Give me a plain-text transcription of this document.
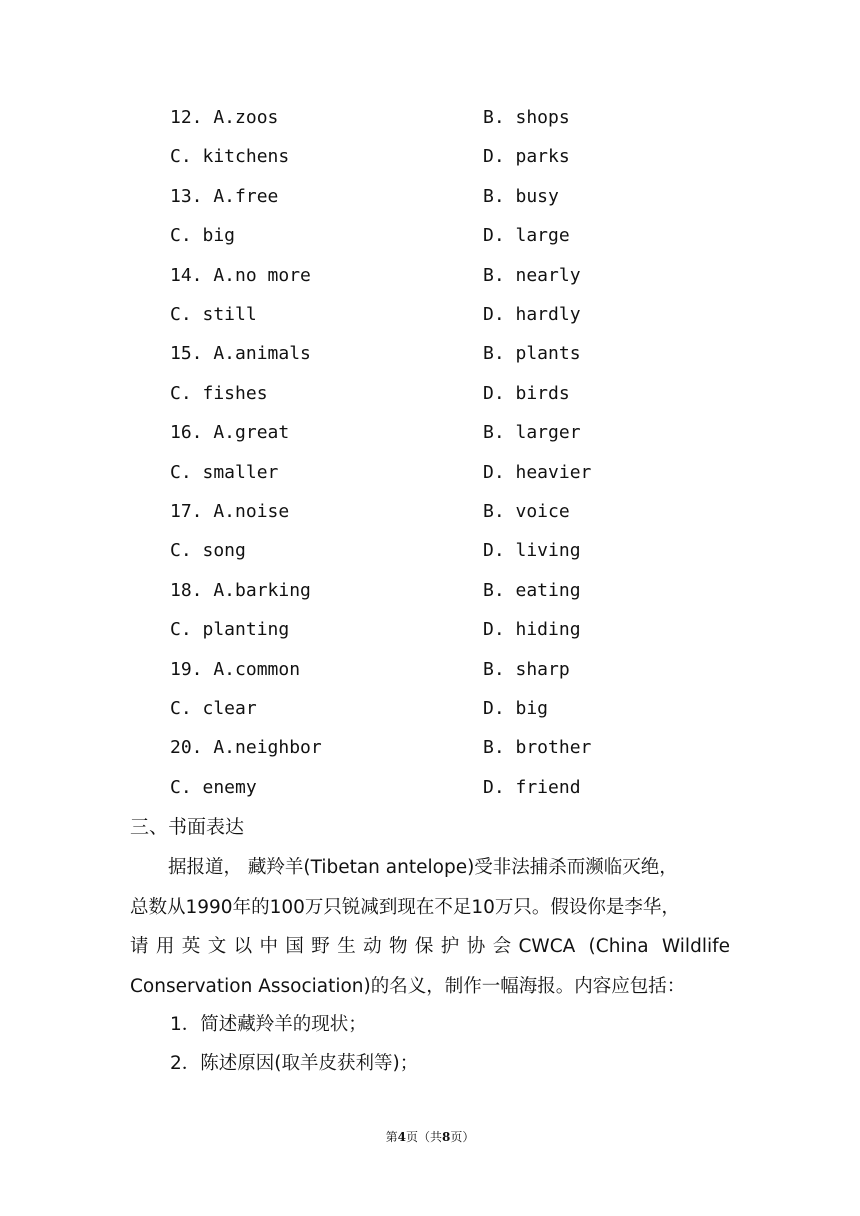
12. A.zoos	B. shops
C. kitchens	D. parks
13. A.free	B. busy
C. big	D. large
14. A.no more	B. nearly
C. still	D. hardly
15. A.animals	B. plants
C. fishes	D. birds
16. A.great	B. larger
C. smaller	D. heavier
17. A.noise	B. voice
C. song	D. living
18. A.barking	B. eating
C. planting	D. hiding
19. A.common	B. sharp
C. clear	D. big
20. A.neighbor	B. brother
C. enemy	D. friend
三、书面表达
据报道， 藏羚羊(Tibetan antelope)受非法捕杀而濒临灭绝，
总数从1990年的100万只锐减到现在不足10万只。假设你是李华，
请用英文以中国野生动物保护协会CWCA (China Wildlife
Conservation Association)的名义，制作一幅海报。内容应包括：
1．简述藏羚羊的现状；
2．陈述原因(取羊皮获利等)；
第4页（共8页）
